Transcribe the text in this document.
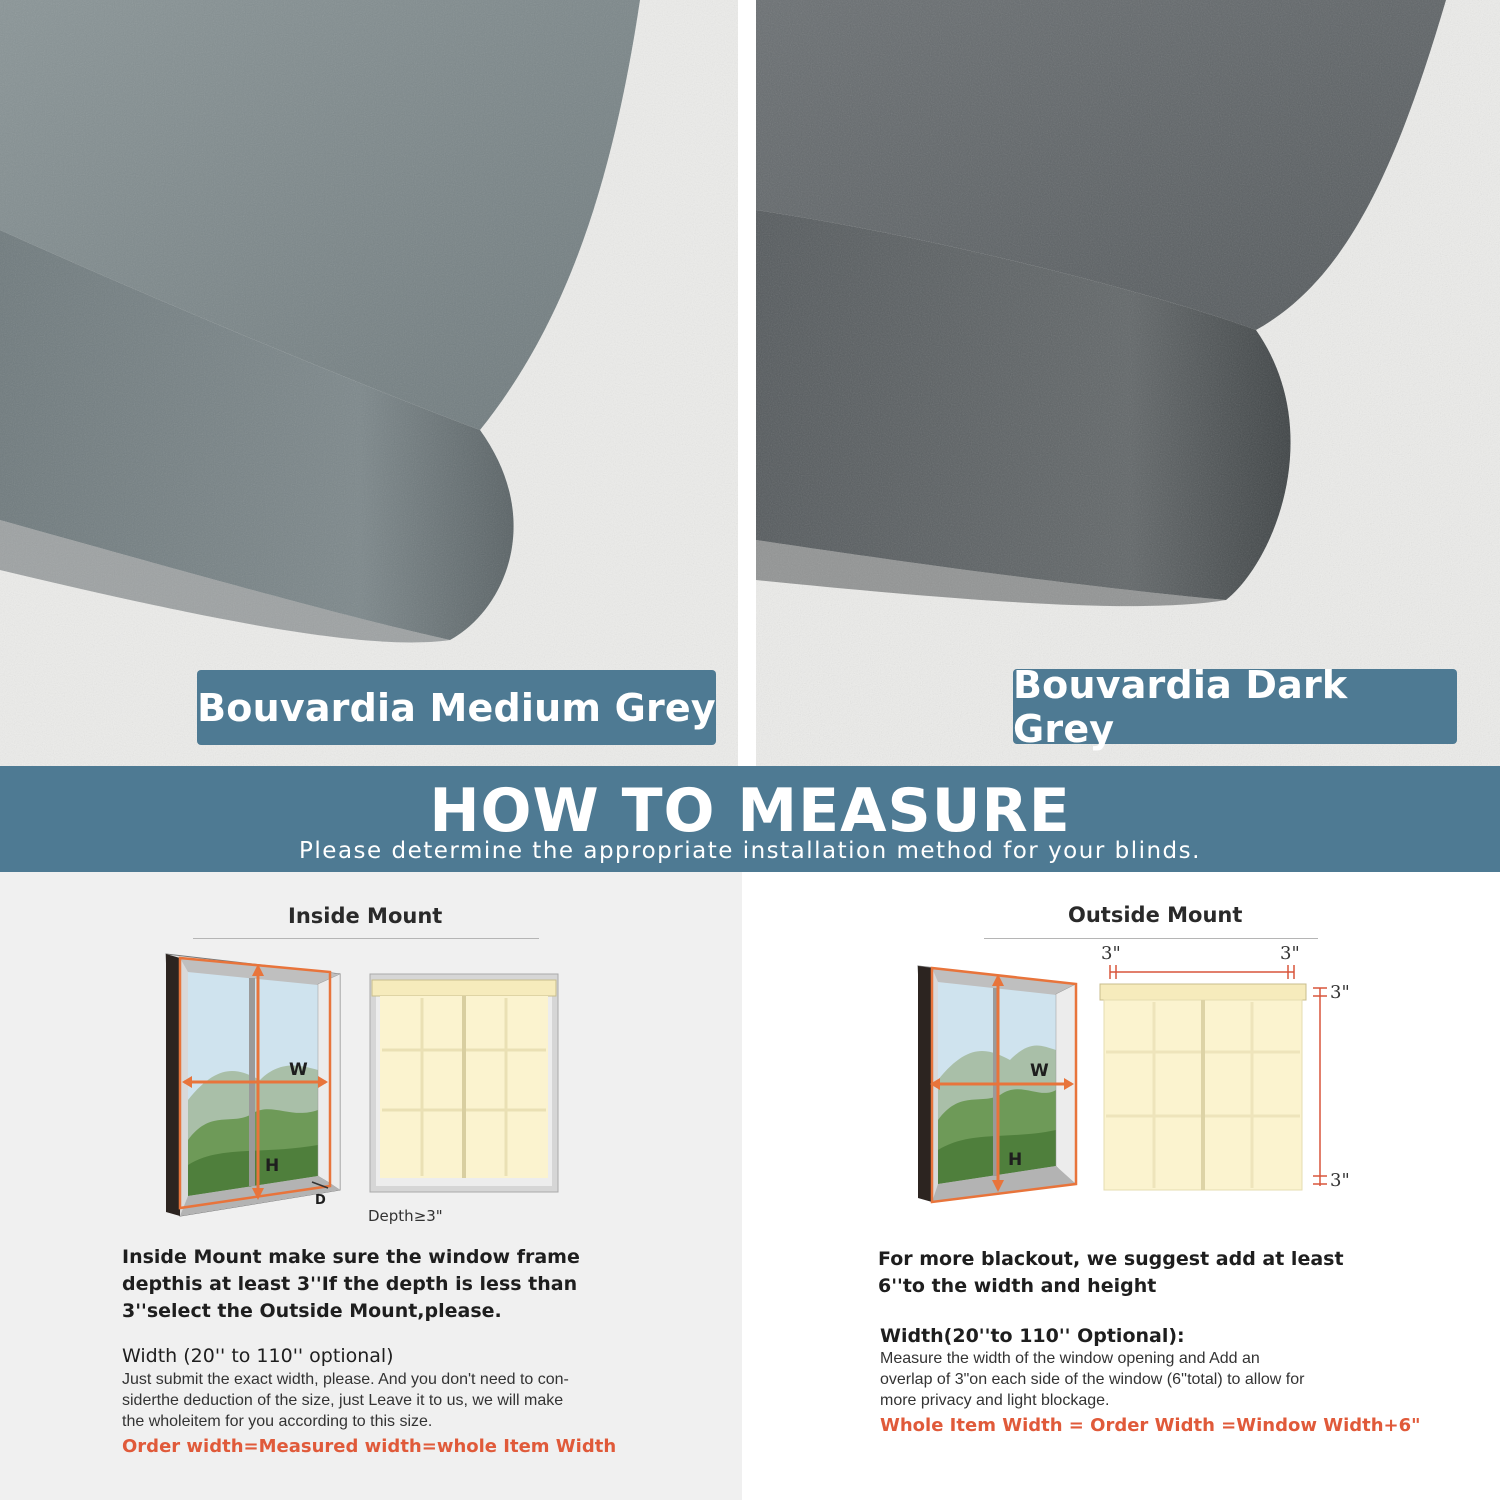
Bouvardia Medium Grey
Bouvardia Dark Grey
HOW TO MEASURE
Please determine the appropriate installation method for your blinds.
Inside Mount
W
H
D
Depth≥3"
Inside Mount make sure the window frame
depthis at least 3''If the depth is less than
3''select the Outside Mount,please.
Width (20'' to 110'' optional)
Just submit the exact width, please. And you don't need to con-
siderthe deduction of the size, just Leave it to us, we will make
the wholeitem for you according to this size.
Order width=Measured width=whole Item Width
Outside Mount
W
H
3"	3"
3"
3"
For more blackout, we suggest add at least
6''to the width and height
Width(20''to 110'' Optional):
Measure the width of the window opening and Add an
overlap of 3"on each side of the window (6''total) to allow for
more privacy and light blockage.
Whole Item Width = Order Width =Window Width+6"
